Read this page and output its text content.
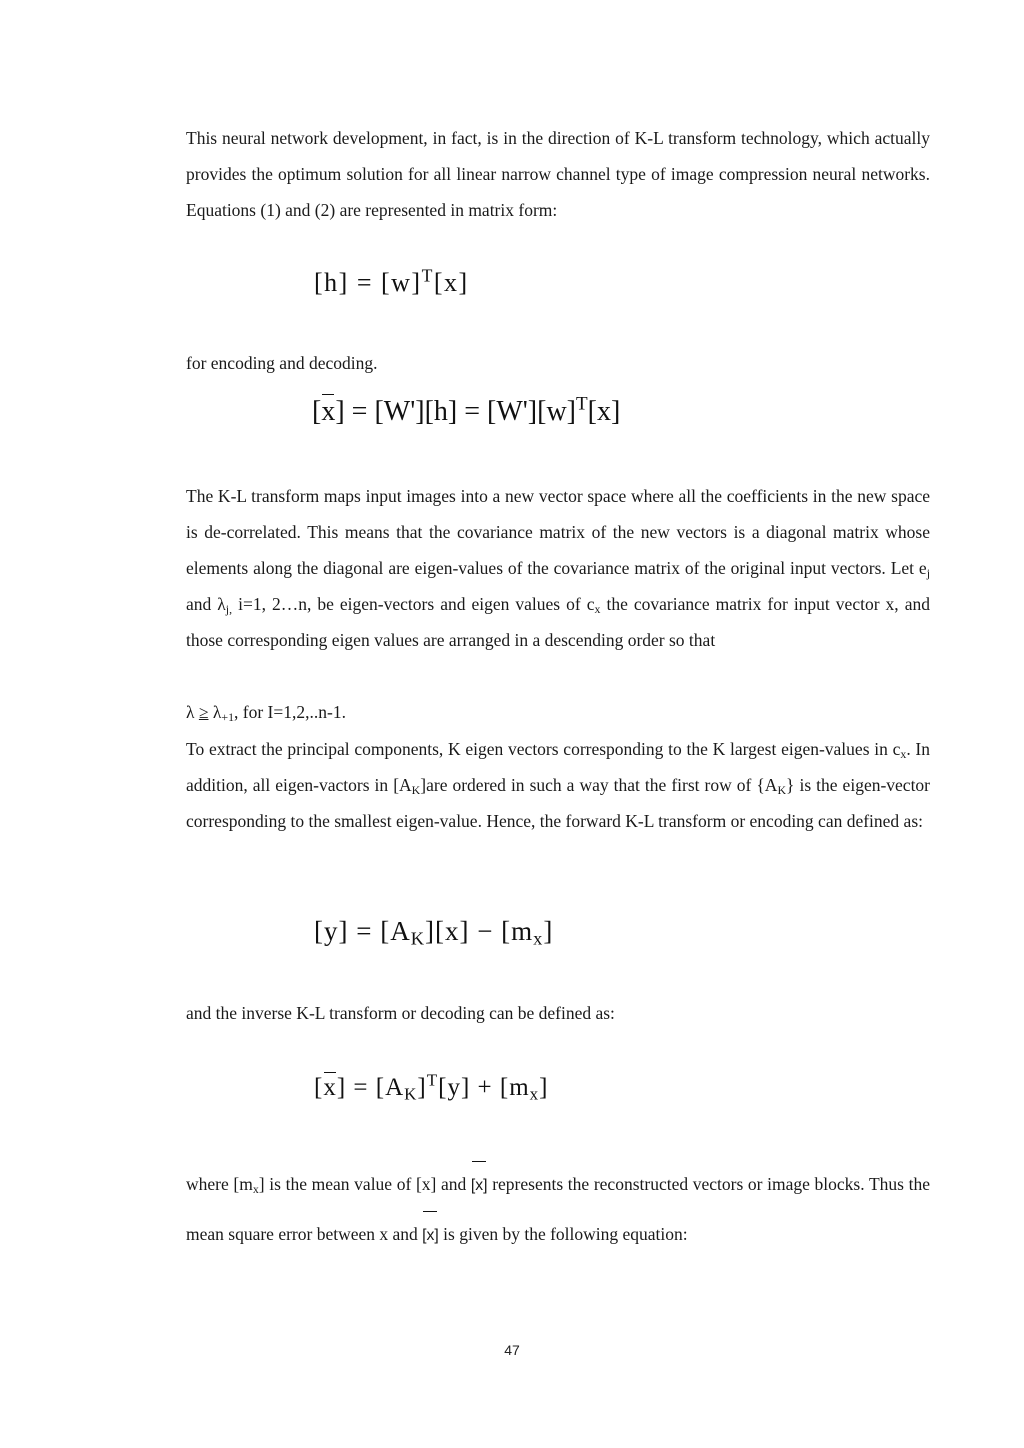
This neural network development, in fact, is in the direction of K-L transform technology, which actually provides the optimum solution for all linear narrow channel type of image compression neural networks. Equations (1) and (2) are represented in matrix form:

$[h] = [w]^T[x]$

for encoding and decoding.

$[x] = [W'][h] = [W'][w]^T[x]$

The K-L transform maps input images into a new vector space where all the coefficients in the new space is de-correlated. This means that the covariance matrix of the new vectors is a diagonal matrix whose elements along the diagonal are eigen-values of the covariance matrix of the original input vectors. Let $e_j$ and $\lambda_{j,}$ i=1, 2…n, be eigen-vectors and eigen values of $c_x$ the covariance matrix for input vector x, and those corresponding eigen values are arranged in a descending order so that

$\lambda \ge \lambda_{+1}$, for I=1,2,..n-1.

To extract the principal components, K eigen vectors corresponding to the K largest eigen-values in $c_x$. In addition, all eigen-vactors in $[A_K]are$ ordered in such a way that the first row of $\{A_K\}$ is the eigen-vector corresponding to the smallest eigen-value. Hence, the forward K-L transform or encoding can defined as:

$[y] = [A_K][x] - [m_x]$

and the inverse K-L transform or decoding can be defined as:

$[x] = [A_K]^T[y] + [m_x]$

where $[m_x]$ is the mean value of [x] and [x] represents the reconstructed vectors or image blocks. Thus the mean square error between x and [x] is given by the following equation:

47
